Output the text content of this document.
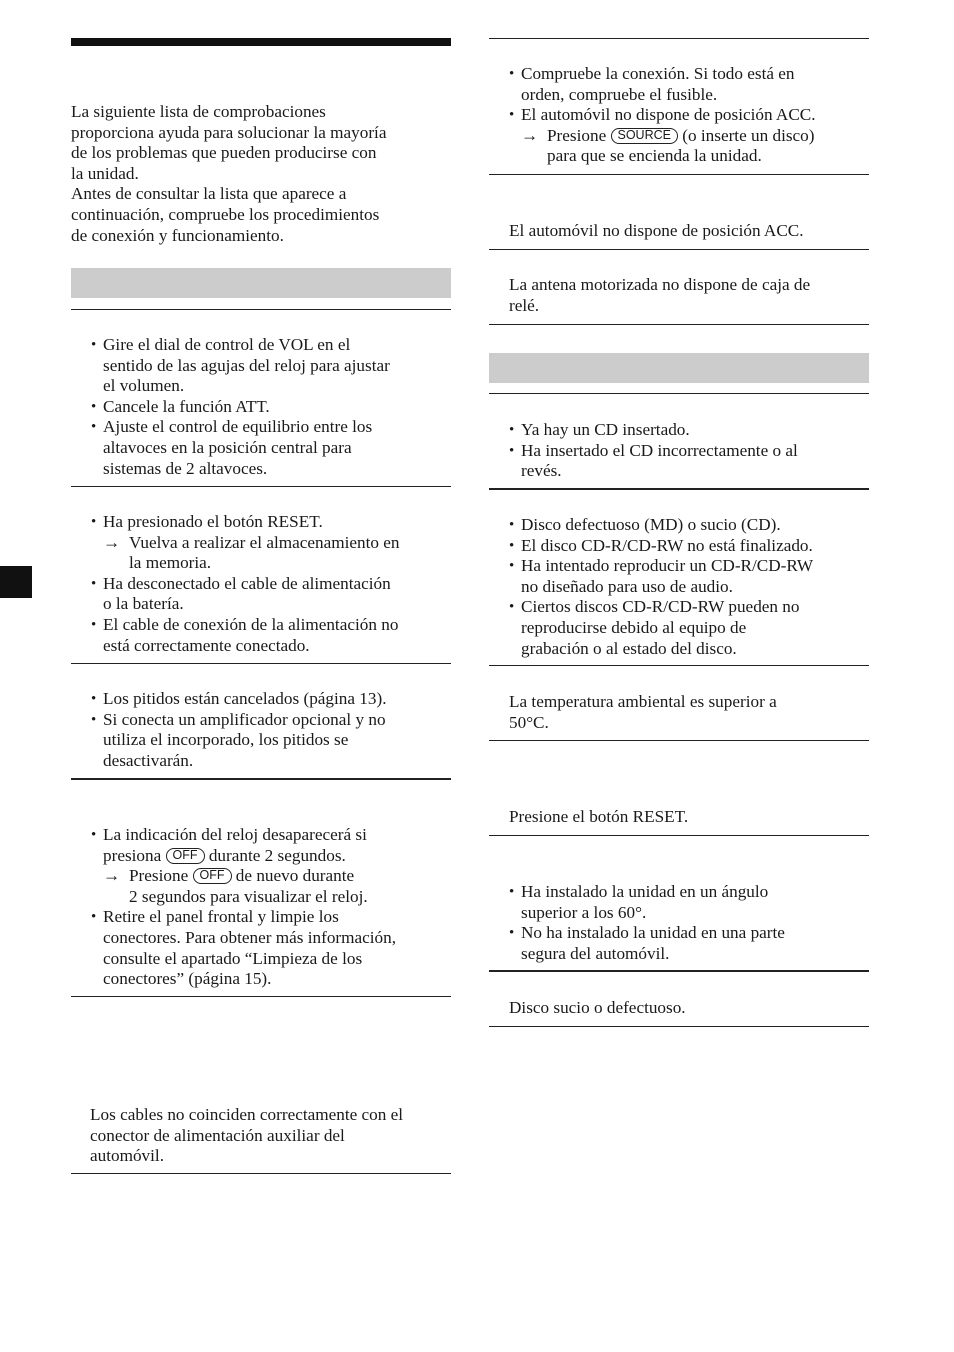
La siguiente lista de comprobaciones
proporciona ayuda para solucionar la mayoría
de los problemas que pueden producirse con
la unidad.
Antes de consultar la lista que aparece a
continuación, compruebe los procedimientos
de conexión y funcionamiento.
• Gire el dial de control de VOL en el
sentido de las agujas del reloj para ajustar
el volumen.
• Cancele la función ATT.
• Ajuste el control de equilibrio entre los
altavoces en la posición central para
sistemas de 2 altavoces.
• Ha presionado el botón RESET.
→ Vuelva a realizar el almacenamiento en
la memoria.
• Ha desconectado el cable de alimentación
o la batería.
• El cable de conexión de la alimentación no
está correctamente conectado.
• Los pitidos están cancelados (página 13).
• Si conecta un amplificador opcional y no
utiliza el incorporado, los pitidos se
desactivarán.
• La indicación del reloj desaparecerá si
presiona OFF durante 2 segundos.
→ Presione OFF de nuevo durante
2 segundos para visualizar el reloj.
• Retire el panel frontal y limpie los
conectores. Para obtener más información,
consulte el apartado “Limpieza de los
conectores” (página 15).
Los cables no coinciden correctamente con el
conector de alimentación auxiliar del
automóvil.
• Compruebe la conexión. Si todo está en
orden, compruebe el fusible.
• El automóvil no dispone de posición ACC.
→ Presione SOURCE (o inserte un disco)
para que se encienda la unidad.
El automóvil no dispone de posición ACC.
La antena motorizada no dispone de caja de
relé.
• Ya hay un CD insertado.
• Ha insertado el CD incorrectamente o al
revés.
• Disco defectuoso (MD) o sucio (CD).
• El disco CD-R/CD-RW no está finalizado.
• Ha intentado reproducir un CD-R/CD-RW
no diseñado para uso de audio.
• Ciertos discos CD-R/CD-RW pueden no
reproducirse debido al equipo de
grabación o al estado del disco.
La temperatura ambiental es superior a
50°C.
Presione el botón RESET.
• Ha instalado la unidad en un ángulo
superior a los 60°.
• No ha instalado la unidad en una parte
segura del automóvil.
Disco sucio o defectuoso.
